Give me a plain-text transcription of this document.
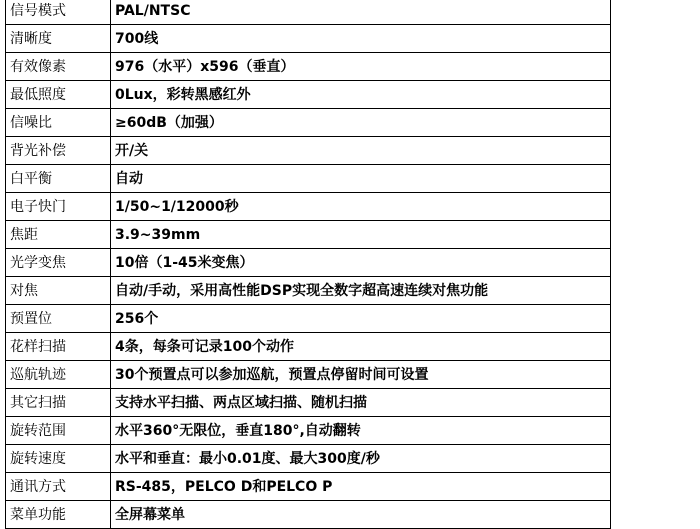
信号模式	PAL/NTSC
清晰度	700线
有效像素	976（水平）x596（垂直）
最低照度	0Lux，彩转黑感红外
信噪比	≥60dB（加强）
背光补偿	开/关
白平衡	自动
电子快门	1/50~1/12000秒
焦距	3.9~39mm
光学变焦	10倍（1-45米变焦）
对焦	自动/手动，采用高性能DSP实现全数字超高速连续对焦功能
预置位	256个
花样扫描	4条，每条可记录100个动作
巡航轨迹	30个预置点可以参加巡航，预置点停留时间可设置
其它扫描	支持水平扫描、两点区域扫描、随机扫描
旋转范围	水平360°无限位，垂直180°,自动翻转
旋转速度	水平和垂直：最小0.01度、最大300度/秒
通讯方式	RS-485，PELCO D和PELCO P
菜单功能	全屏幕菜单
